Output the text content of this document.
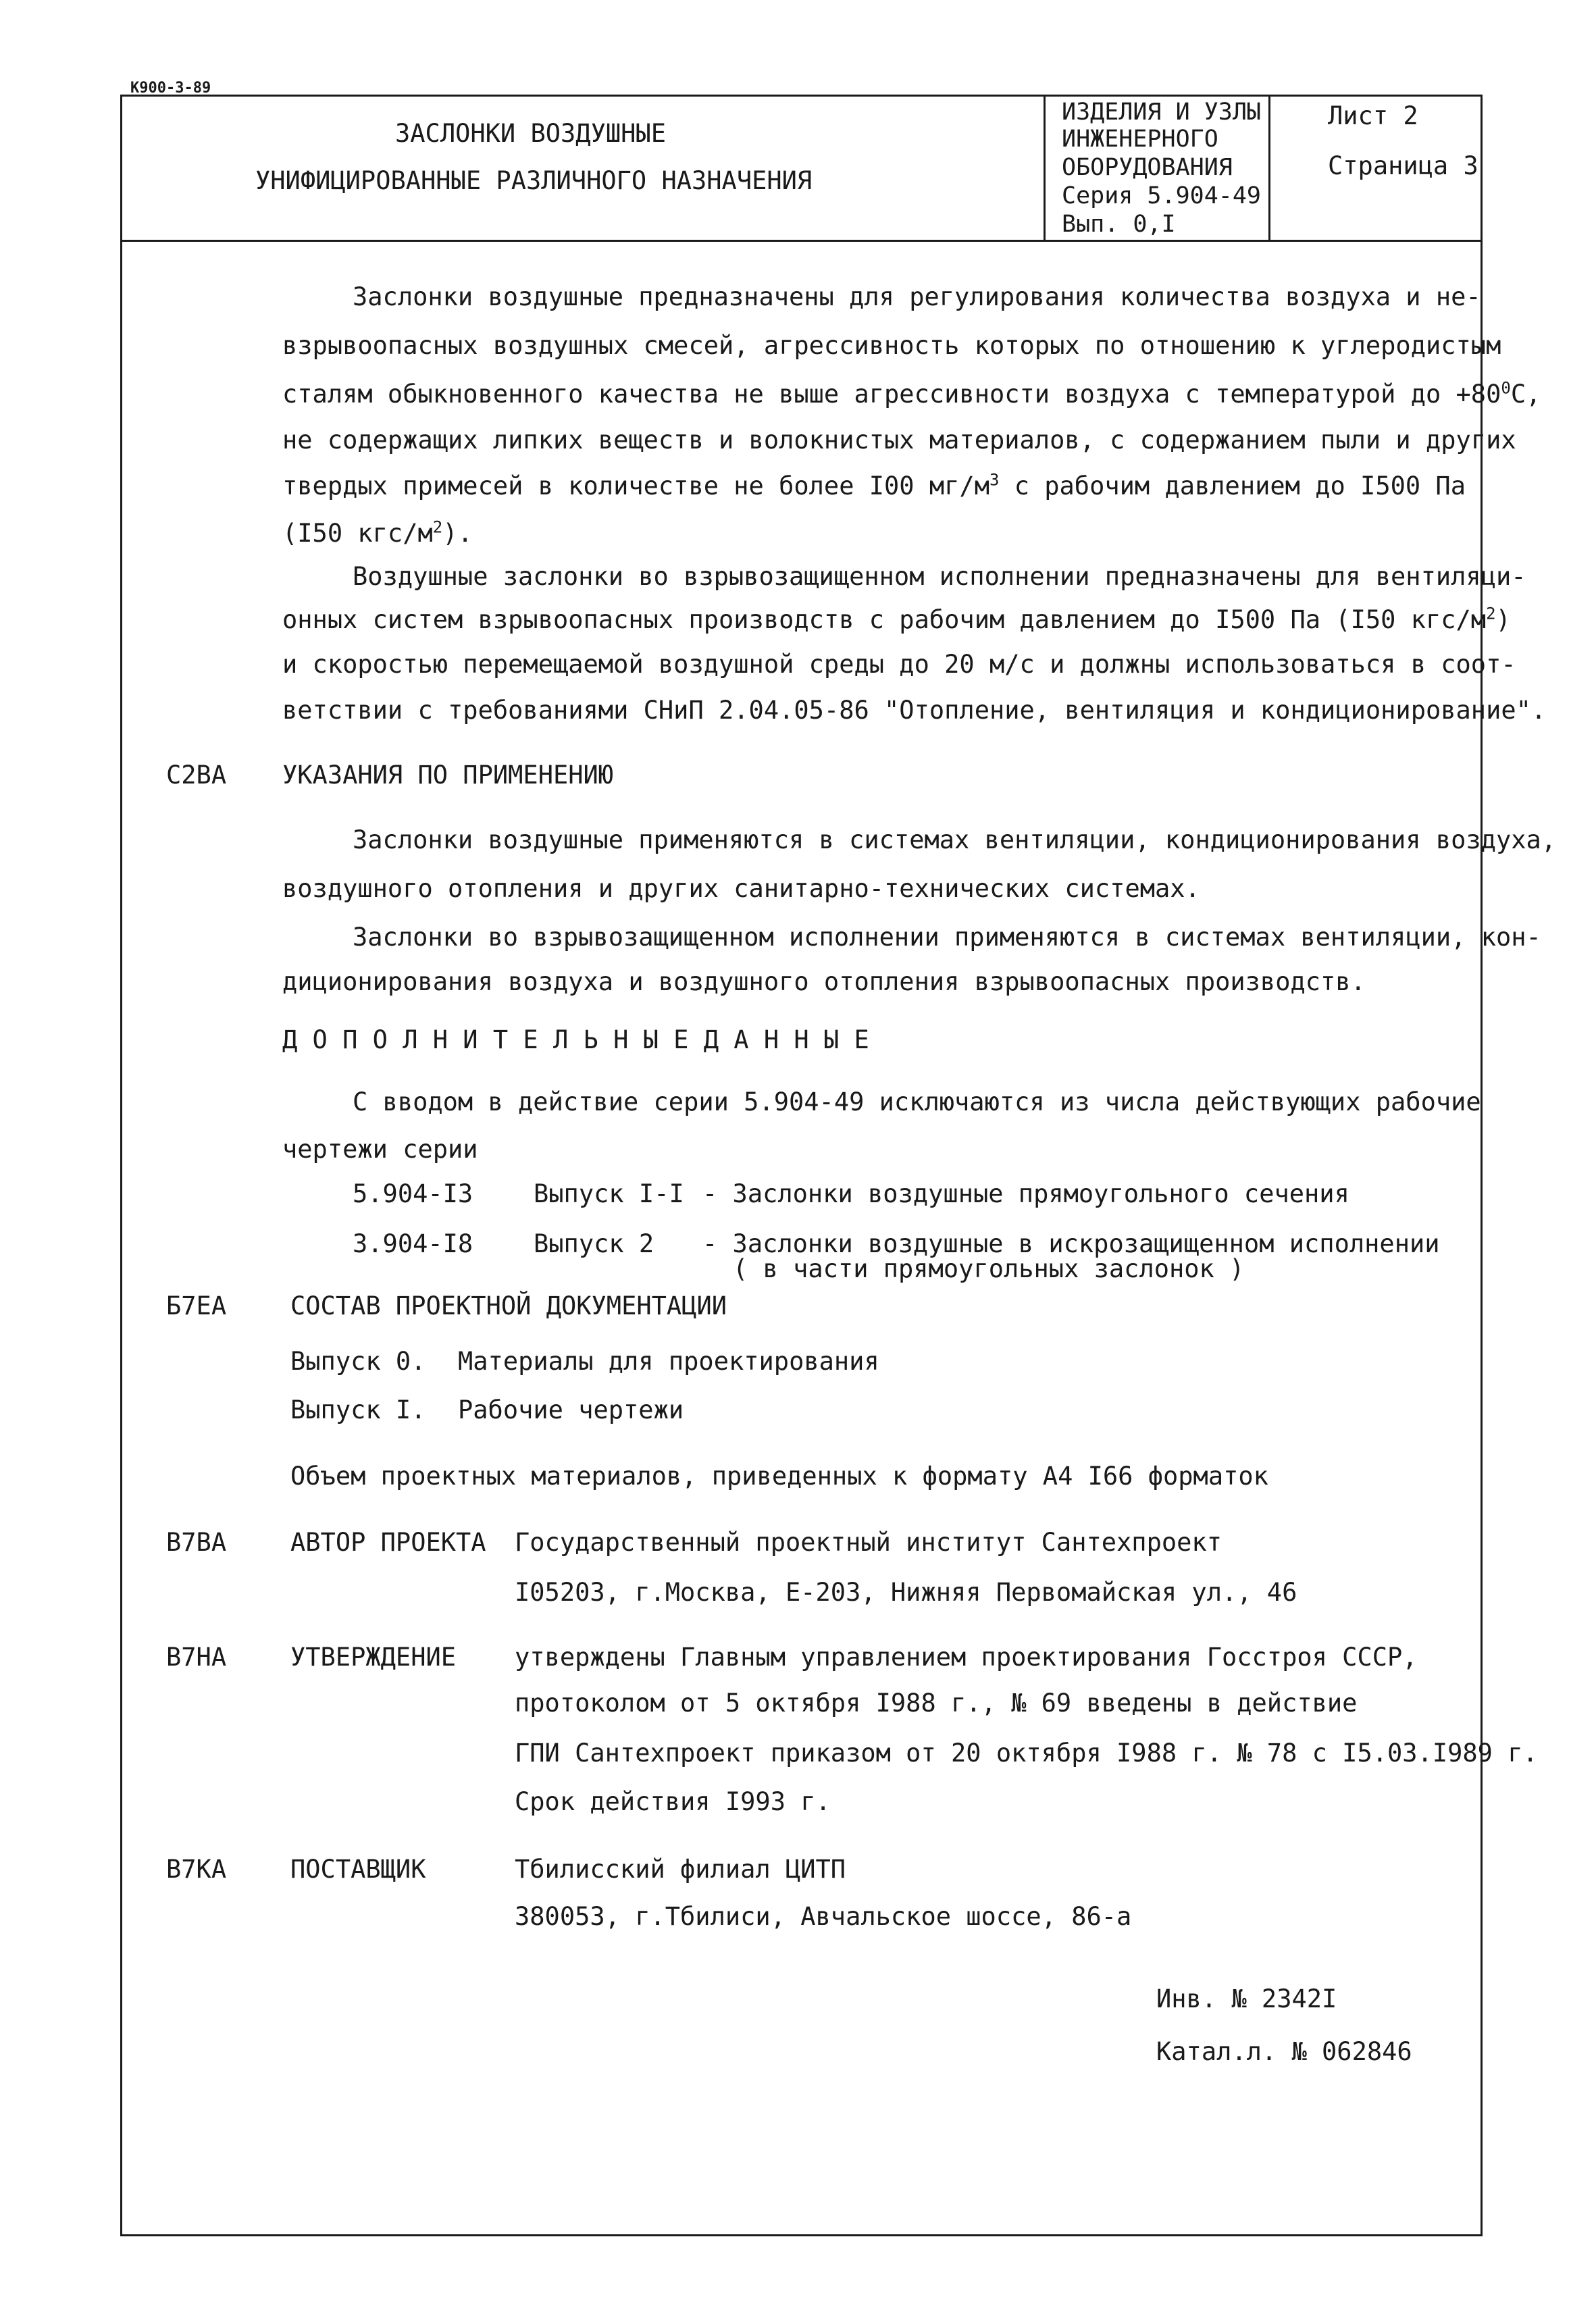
К900-3-89
ЗАСЛОНКИ ВОЗДУШНЫЕ
УНИФИЦИРОВАННЫЕ РАЗЛИЧНОГО НАЗНАЧЕНИЯ
ИЗДЕЛИЯ И УЗЛЫ
ИНЖЕНЕРНОГО
ОБОРУДОВАНИЯ
Серия 5.904-49
Вып. 0,I
Лист 2
Страница 3
Заслонки воздушные предназначены для регулирования количества воздуха и не-
взрывоопасных воздушных смесей, агрессивность которых по отношению к углеродистым
сталям обыкновенного качества не выше агрессивности воздуха с температурой до $+80^0С$,
не содержащих липких веществ и волокнистых материалов, с содержанием пыли и других
твердых примесей в количестве не более I00 $мг/м^3$ с рабочим давлением до I500 Па
(I50 кгс/$м^2$).
Воздушные заслонки во взрывозащищенном исполнении предназначены для вентиляци-
онных систем взрывоопасных производств с рабочим давлением до I500 Па (I50 кгс/$м^2$)
и скоростью перемещаемой воздушной среды до 20 м/с и должны использоваться в соот-
ветствии с требованиями СНиП 2.04.05-86 "Отопление, вентиляция и кондиционирование".
С2ВА УКАЗАНИЯ ПО ПРИМЕНЕНИЮ
Заслонки воздушные применяются в системах вентиляции, кондиционирования воздуха,
воздушного отопления и других санитарно-технических системах.
Заслонки во взрывозащищенном исполнении применяются в системах вентиляции, кон-
диционирования воздуха и воздушного отопления взрывоопасных производств.
Д О П О Л Н И Т Е Л Ь Н Ы Е Д А Н Н Ы Е
С вводом в действие серии 5.904-49 исключаются из числа действующих рабочие
чертежи серии
5.904-I3 Выпуск I-I - Заслонки воздушные прямоугольного сечения
3.904-I8 Выпуск 2 - Заслонки воздушные в искрозащищенном исполнении
( в части прямоугольных заслонок )
Б7ЕА	СОСТАВ ПРОЕКТНОЙ ДОКУМЕНТАЦИИ
Выпуск 0. Материалы для проектирования
Выпуск I. Рабочие чертежи
Объем проектных материалов, приведенных к формату А4 I66 форматок
В7ВА	АВТОР ПРОЕКТА Государственный проектный институт Сантехпроект
I05203, г.Москва, Е-203, Нижняя Первомайская ул., 46
В7НА	УТВЕРЖДЕНИЕ утверждены Главным управлением проектирования Госстроя СССР,
протоколом от 5 октября I988 г., № 69 введены в действие
ГПИ Сантехпроект приказом от 20 октября I988 г. № 78 с I5.03.I989 г.
Срок действия I993 г.
В7КА	ПОСТАВЩИК	Тбилисский филиал ЦИТП
380053, г.Тбилиси, Авчальское шоссе, 86-а
Инв. № 2342I
Катал.л. № 062846
